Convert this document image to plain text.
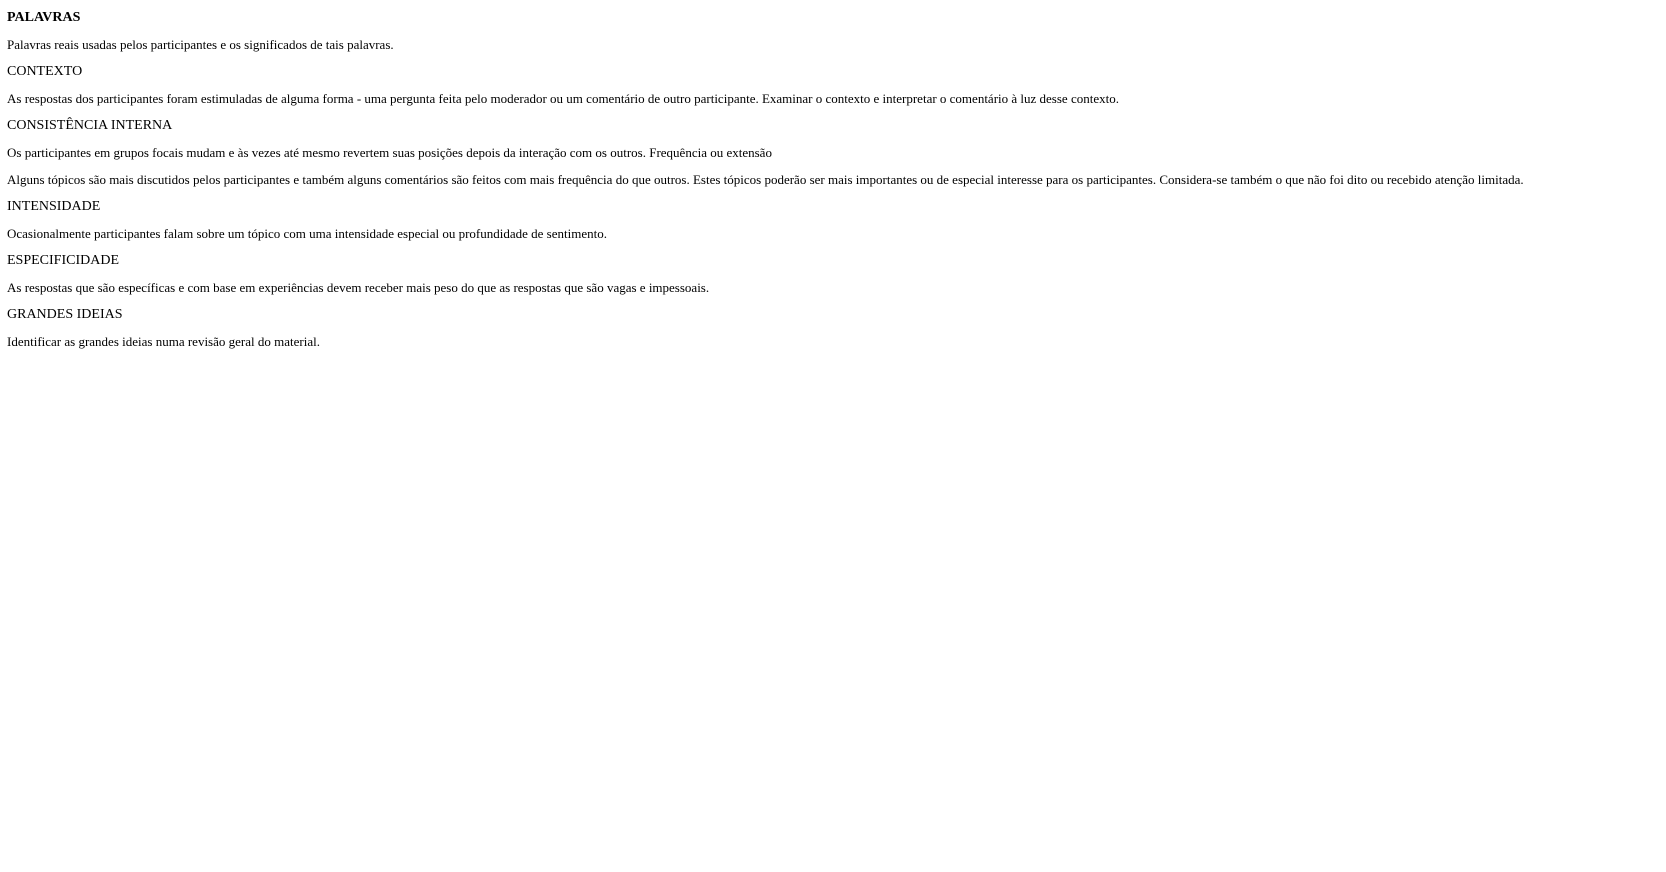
PALAVRAS

Palavras reais usadas pelos participantes e os significados de tais palavras.

CONTEXTO

As respostas dos participantes foram estimuladas de alguma forma - uma pergunta feita pelo moderador ou um comentário de outro participante. Examinar o contexto e interpretar o comentário à luz desse contexto.

CONSISTÊNCIA INTERNA

Os participantes em grupos focais mudam e às vezes até mesmo revertem suas posições depois da interação com os outros. Frequência ou extensão

Alguns tópicos são mais discutidos pelos participantes e também alguns comentários são feitos com mais frequência do que outros. Estes tópicos poderão ser mais importantes ou de especial interesse para os participantes. Considera-se também o que não foi dito ou recebido atenção limitada.

INTENSIDADE

Ocasionalmente participantes falam sobre um tópico com uma intensidade especial ou profundidade de sentimento.

ESPECIFICIDADE

As respostas que são específicas e com base em experiências devem receber mais peso do que as respostas que são vagas e impessoais.

GRANDES IDEIAS

Identificar as grandes ideias numa revisão geral do material.
